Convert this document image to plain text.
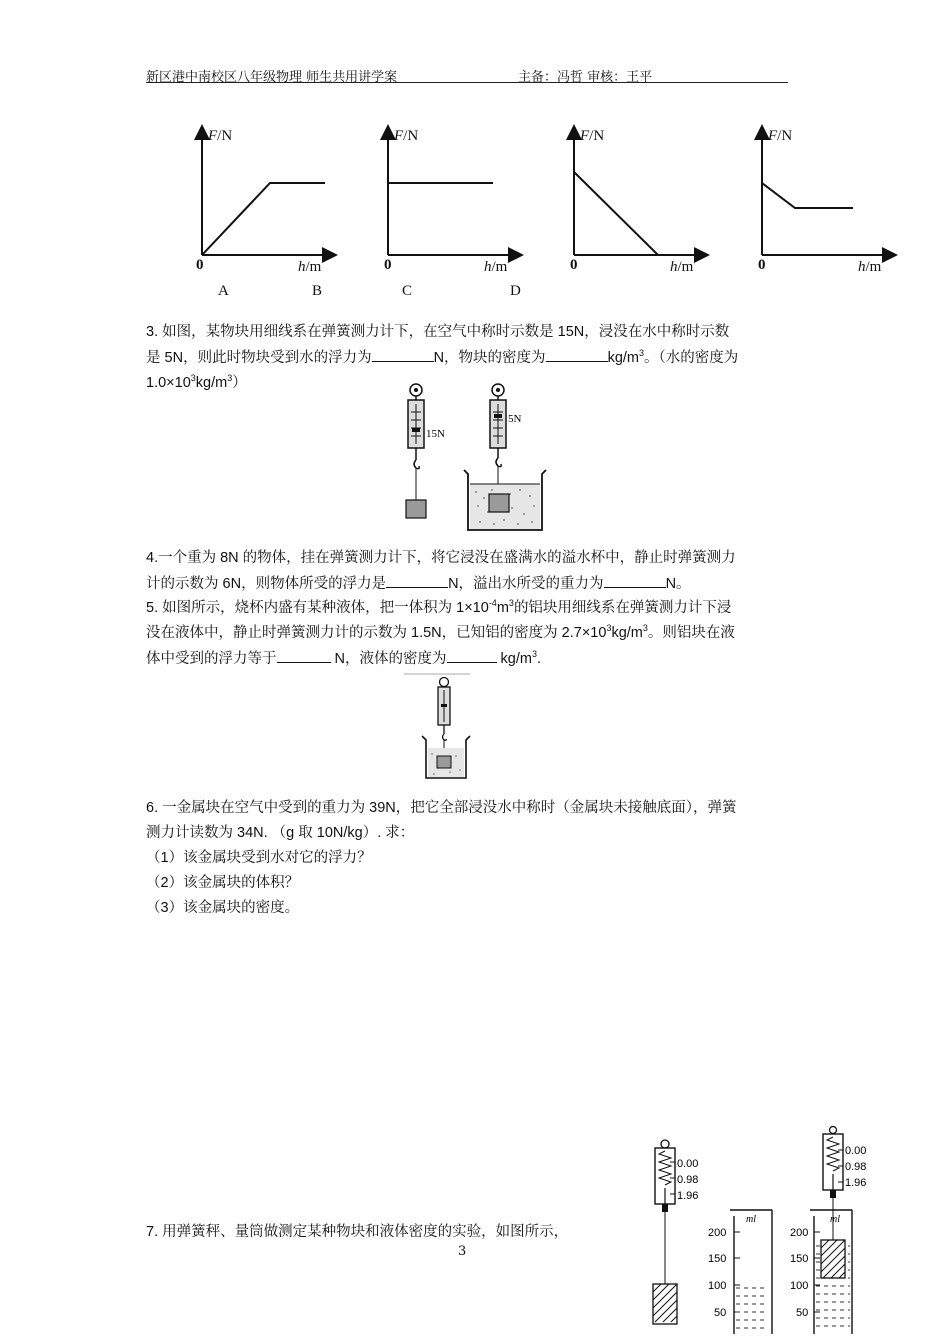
新区港中南校区八年级物理 师生共用讲学案	主备：冯哲 审核：王平
F/N	F/N	F/N	F/N
0	0	0	0
h/m	h/m	h/m	h/m
A	B	C	D
3. 如图，某物块用细线系在弹簧测力计下，在空气中称时示数是 15N，浸没在水中称时示数
是 5N，则此时物块受到水的浮力为	N，物块的密度为	$kg/m^3$。（水的密度为
$1.0\times 10^3kg/m^3$）
15N
5N
4.一个重为 8N 的物体，挂在弹簧测力计下，将它浸没在盛满水的溢水杯中，静止时弹簧测力
计的示数为 6N，则物体所受的浮力是	N，溢出水所受的重力为	N。
5. 如图所示，烧杯内盛有某种液体，把一体积为 $1\times 10^{-4}m^3$的铝块用细线系在弹簧测力计下浸
没在液体中，静止时弹簧测力计的示数为 1.5N，已知铝的密度为 $2.7\times 10^3kg/m^3$。则铝块在液
体中受到的浮力等于	N，液体的密度为	$kg/m^3$.
6. 一金属块在空气中受到的重力为 39N，把它全部浸没水中称时（金属块未接触底面），弹簧
测力计读数为 34N. （g 取 10N/kg）. 求：
（1）该金属块受到水对它的浮力？
（2）该金属块的体积？
（3）该金属块的密度。
7. 用弹簧秤、量筒做测定某种物块和液体密度的实验，如图所示，
0.00
0.98
1.96
ml
200
150
100
50
0.00
0.98
1.96
ml
200
150
100
50
3
